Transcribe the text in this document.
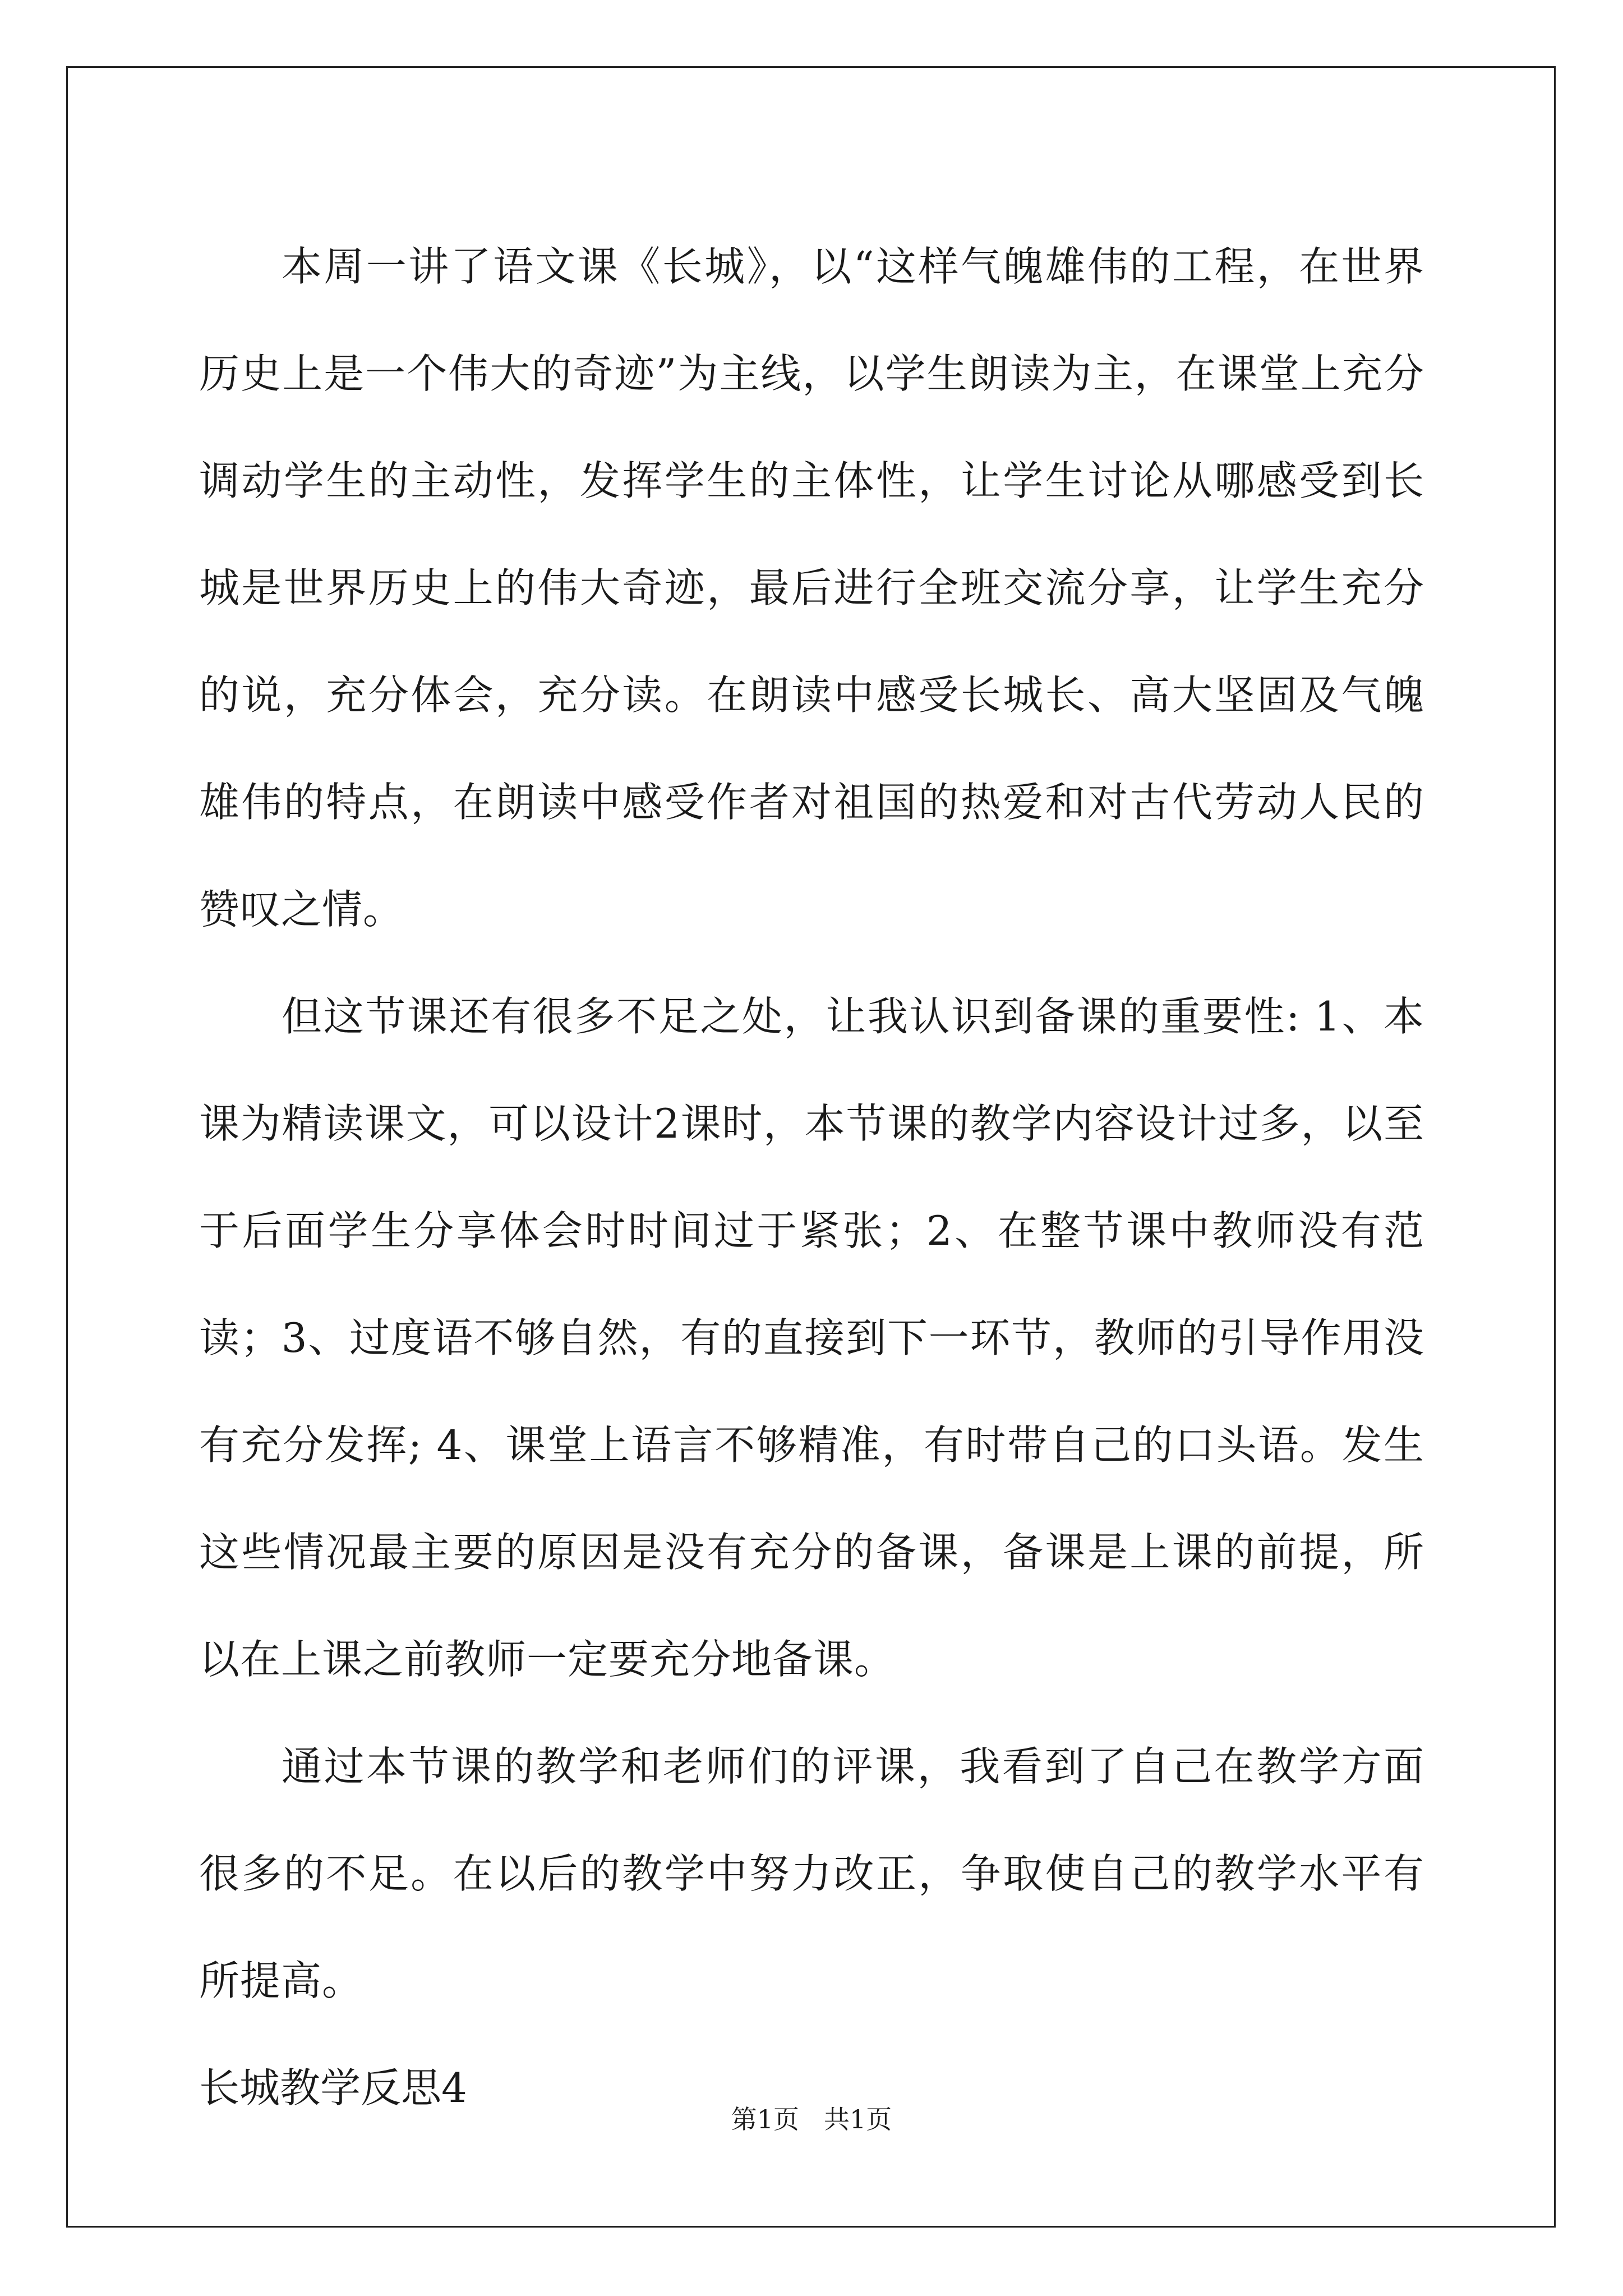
本周一讲了语文课《长城》，以“这样气魄雄伟的工程，在世界历史上是一个伟大的奇迹”为主线，以学生朗读为主，在课堂上充分调动学生的主动性，发挥学生的主体性，让学生讨论从哪感受到长城是世界历史上的伟大奇迹，最后进行全班交流分享，让学生充分的说，充分体会，充分读。在朗读中感受长城长、高大坚固及气魄雄伟的特点，在朗读中感受作者对祖国的热爱和对古代劳动人民的赞叹之情。

但这节课还有很多不足之处，让我认识到备课的重要性: 1、本课为精读课文，可以设计2课时，本节课的教学内容设计过多，以至于后面学生分享体会时时间过于紧张；2、在整节课中教师没有范读；3、过度语不够自然，有的直接到下一环节，教师的引导作用没有充分发挥; 4、课堂上语言不够精准，有时带自己的口头语。发生这些情况最主要的原因是没有充分的备课，备课是上课的前提，所以在上课之前教师一定要充分地备课。

通过本节课的教学和老师们的评课，我看到了自己在教学方面很多的不足。在以后的教学中努力改正，争取使自己的教学水平有所提高。

长城教学反思4

第1页 共1页
